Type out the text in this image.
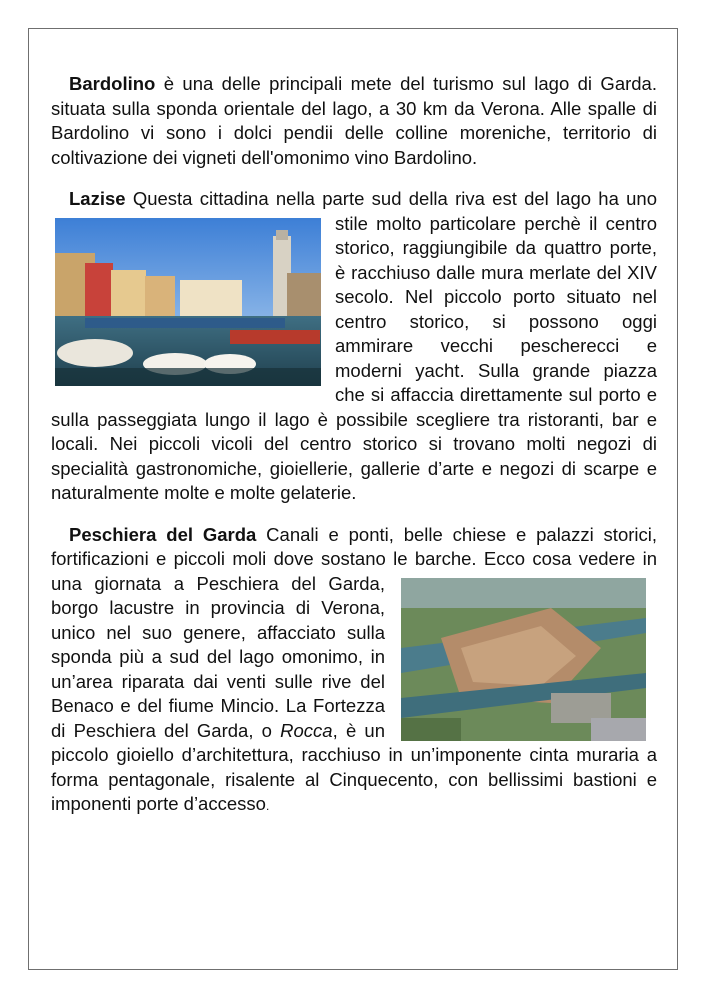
Bardolino è una delle principali mete del turismo sul lago di Garda. situata sulla sponda orientale del lago, a 30 km da Verona. Alle spalle di Bardolino vi sono i dolci pendii delle colline moreniche, territorio di coltivazione dei vigneti dell'omonimo vino Bardolino.

Lazise Questa cittadina nella parte sud della riva est del lago
ha uno stile molto particolare perchè il centro storico, raggiungibile da quattro porte, è racchiuso dalle mura merlate del XIV secolo. Nel piccolo porto situato nel centro storico, si possono oggi ammirare vecchi pescherecci e moderni yacht. Sulla grande piazza che si affaccia direttamente sul porto e sulla passeggiata lungo il lago è possibile scegliere tra ristoranti, bar e locali. Nei piccoli vicoli del centro storico si trovano molti negozi di specialità gastronomiche, gioiellerie, gallerie d’arte e negozi di scarpe e naturalmente molte e molte gelaterie.

Peschiera del Garda Canali e ponti, belle chiese e palazzi storici, fortificazioni e piccoli moli dove sostano le barche.
Ecco cosa vedere in una giornata a Peschiera del Garda, borgo lacustre in provincia di Verona, unico nel suo genere, affacciato sulla sponda più a sud del lago omonimo, in un’area riparata dai venti sulle rive del Benaco e del fiume Mincio. La Fortezza di Peschiera del Garda, o Rocca, è un piccolo gioiello d’architettura, racchiuso in un’imponente cinta muraria a forma pentagonale, risalente al Cinquecento, con bellissimi bastioni e imponenti porte d’accesso.
